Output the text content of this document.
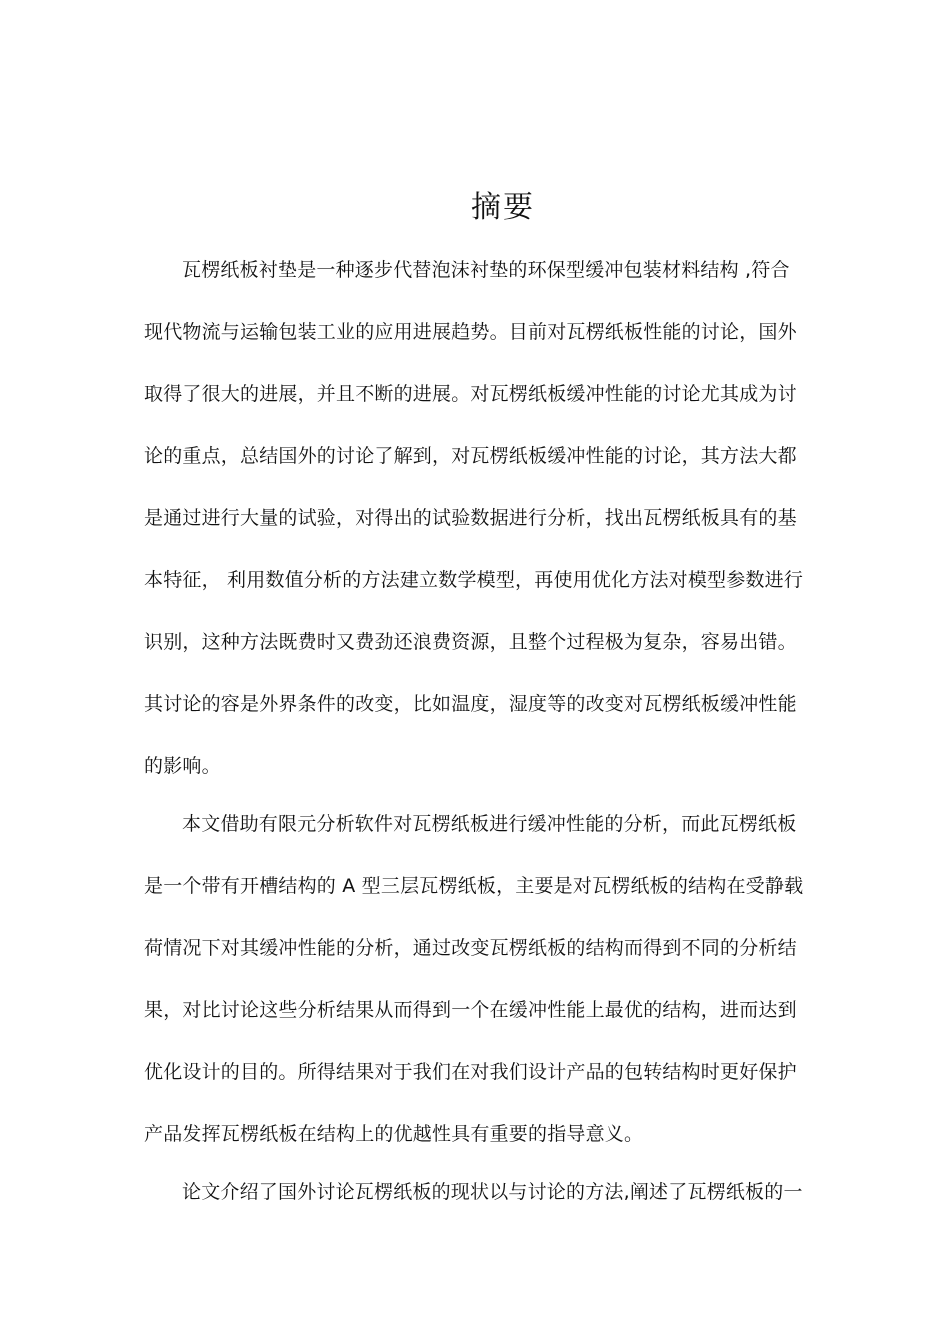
摘要
瓦楞纸板衬垫是一种逐步代替泡沫衬垫的环保型缓冲包装材料结构 ,符合
现代物流与运输包装工业的应用进展趋势。目前对瓦楞纸板性能的讨论，国外
取得了很大的进展，并且不断的进展。对瓦楞纸板缓冲性能的讨论尤其成为讨
论的重点，总结国外的讨论了解到，对瓦楞纸板缓冲性能的讨论，其方法大都
是通过进行大量的试验，对得出的试验数据进行分析，找出瓦楞纸板具有的基
本特征， 利用数值分析的方法建立数学模型，再使用优化方法对模型参数进行
识别，这种方法既费时又费劲还浪费资源，且整个过程极为复杂，容易出错。
其讨论的容是外界条件的改变，比如温度，湿度等的改变对瓦楞纸板缓冲性能
的影响。
本文借助有限元分析软件对瓦楞纸板进行缓冲性能的分析，而此瓦楞纸板
是一个带有开槽结构的 A 型三层瓦楞纸板，主要是对瓦楞纸板的结构在受静载
荷情况下对其缓冲性能的分析，通过改变瓦楞纸板的结构而得到不同的分析结
果，对比讨论这些分析结果从而得到一个在缓冲性能上最优的结构，进而达到
优化设计的目的。所得结果对于我们在对我们设计产品的包转结构时更好保护
产品发挥瓦楞纸板在结构上的优越性具有重要的指导意义。
论文介绍了国外讨论瓦楞纸板的现状以与讨论的方法,阐述了瓦楞纸板的一
